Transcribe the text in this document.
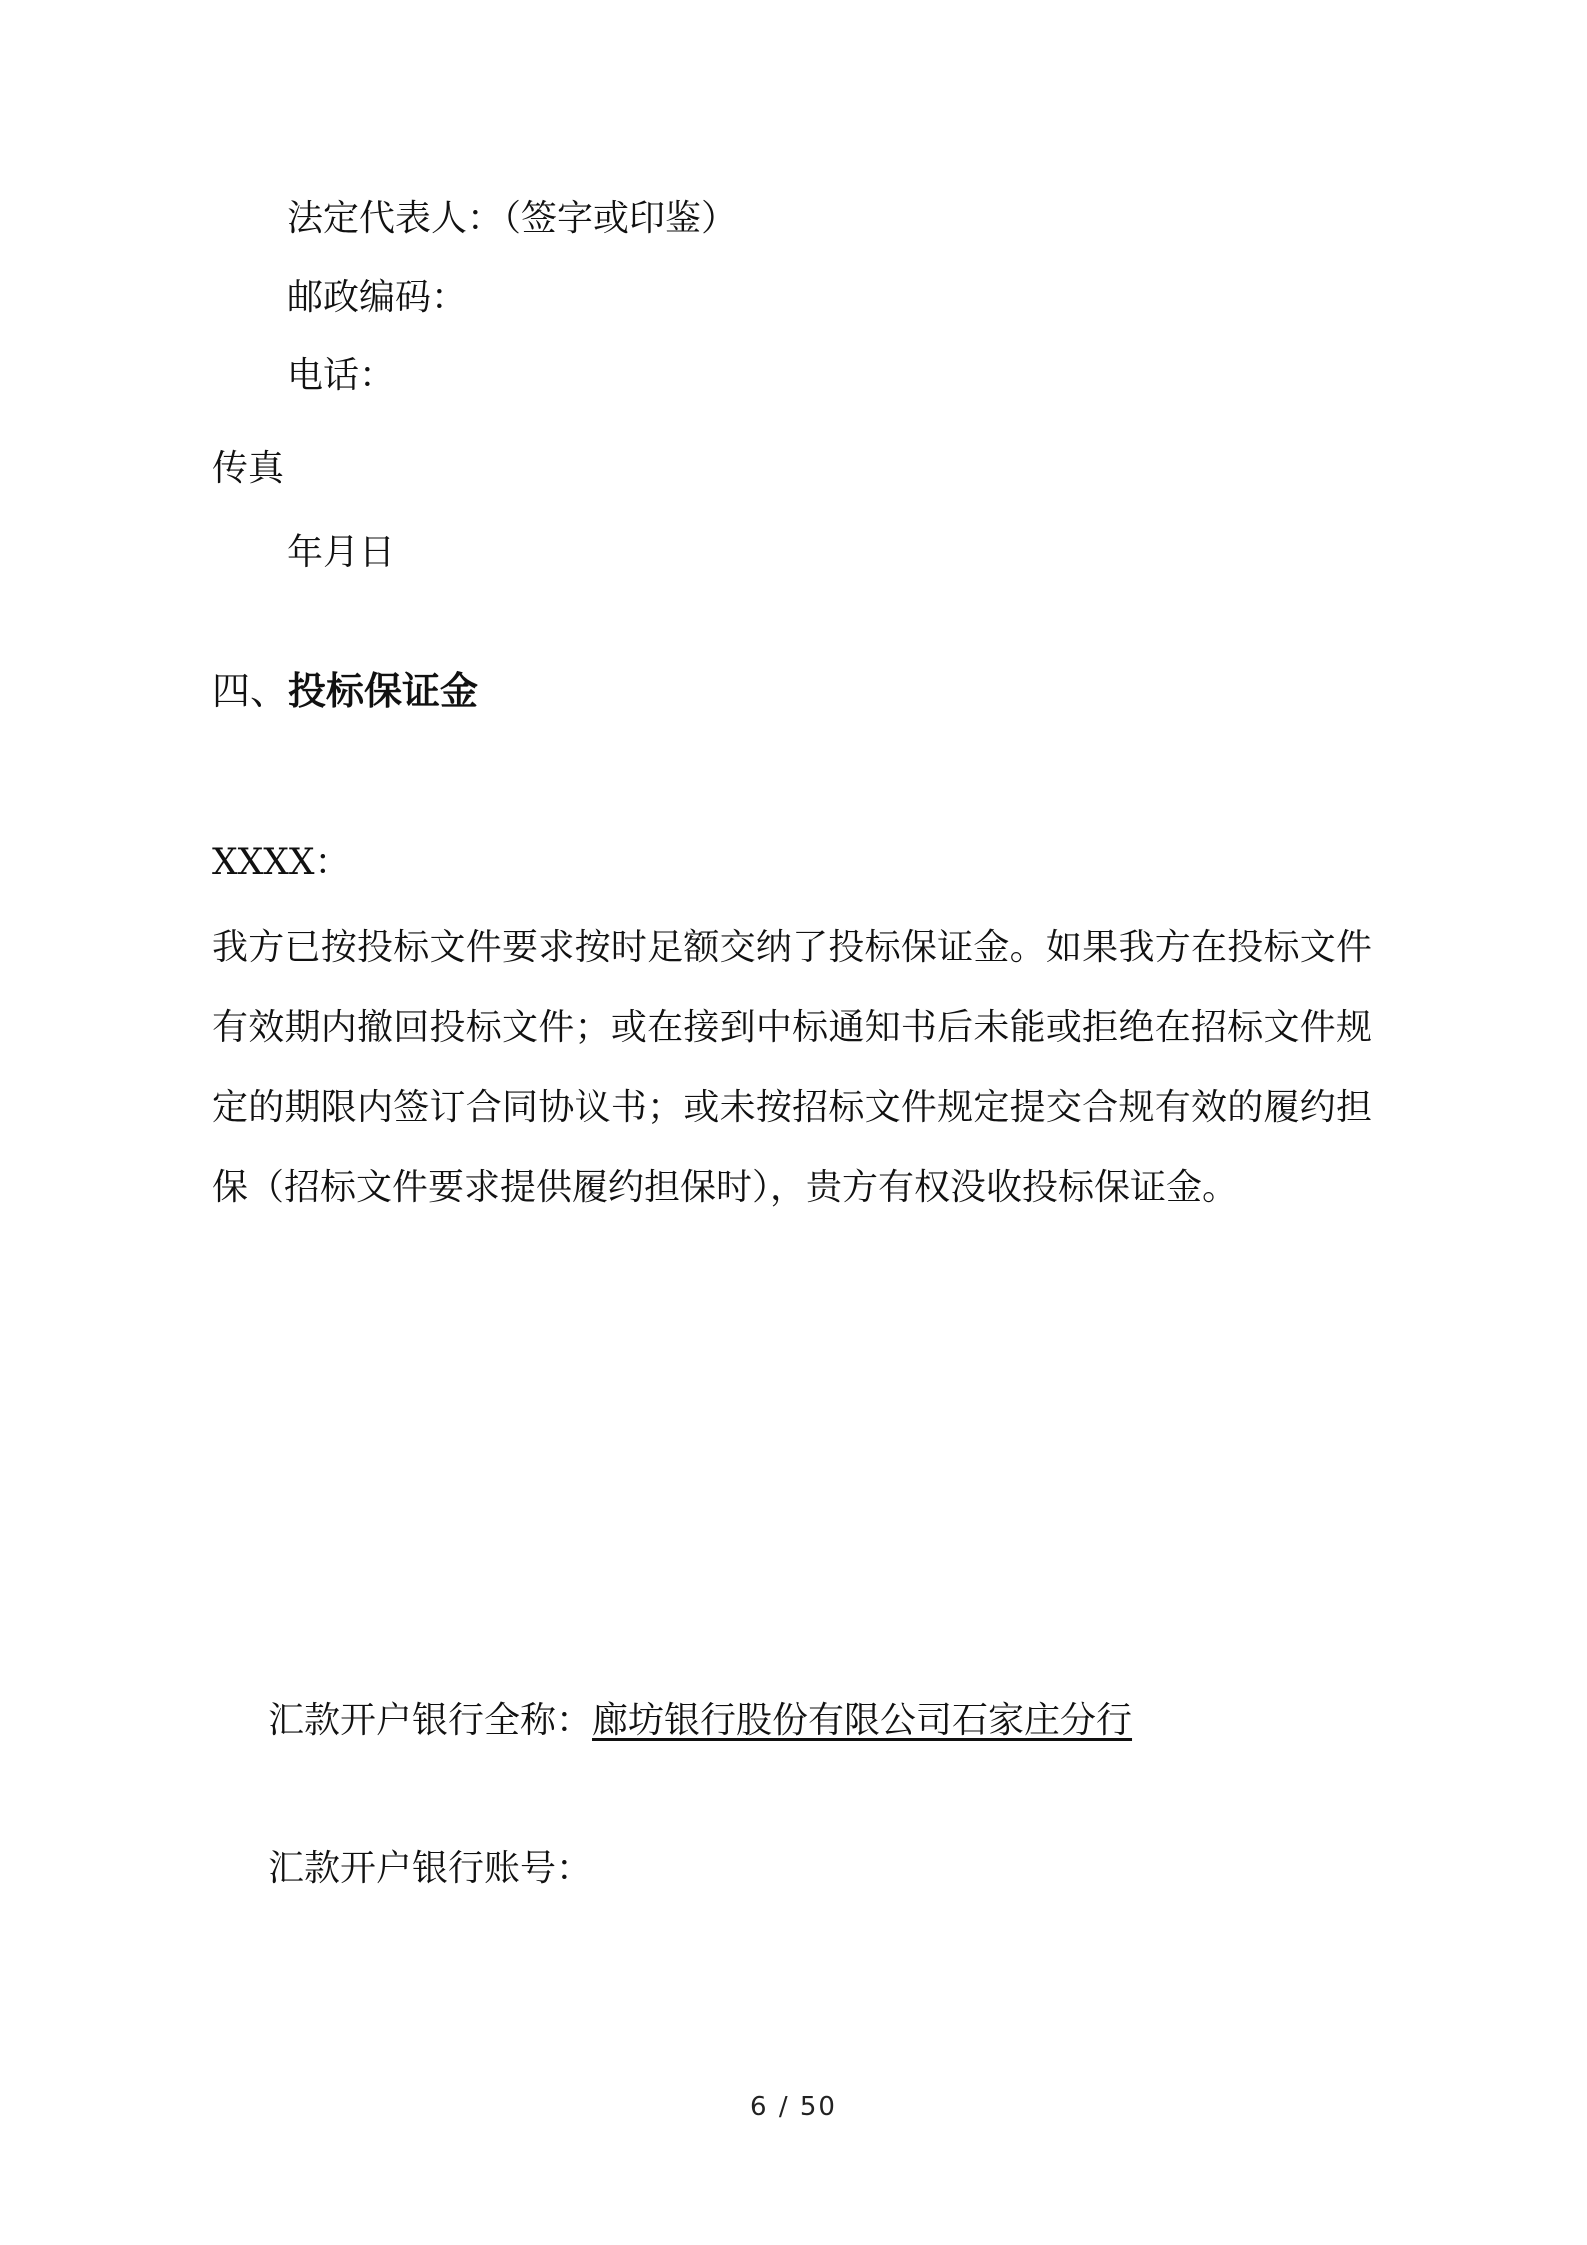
法定代表人：（签字或印鉴）
邮政编码：
电话：
传真
年月日
四、投标保证金
XXXX：
我方已按投标文件要求按时足额交纳了投标保证金。如果我方在投标文件有效期内撤回投标文件；或在接到中标通知书后未能或拒绝在招标文件规定的期限内签订合同协议书；或未按招标文件规定提交合规有效的履约担保（招标文件要求提供履约担保时），贵方有权没收投标保证金。
汇款开户银行全称：廊坊银行股份有限公司石家庄分行
汇款开户银行账号：
6 / 50
